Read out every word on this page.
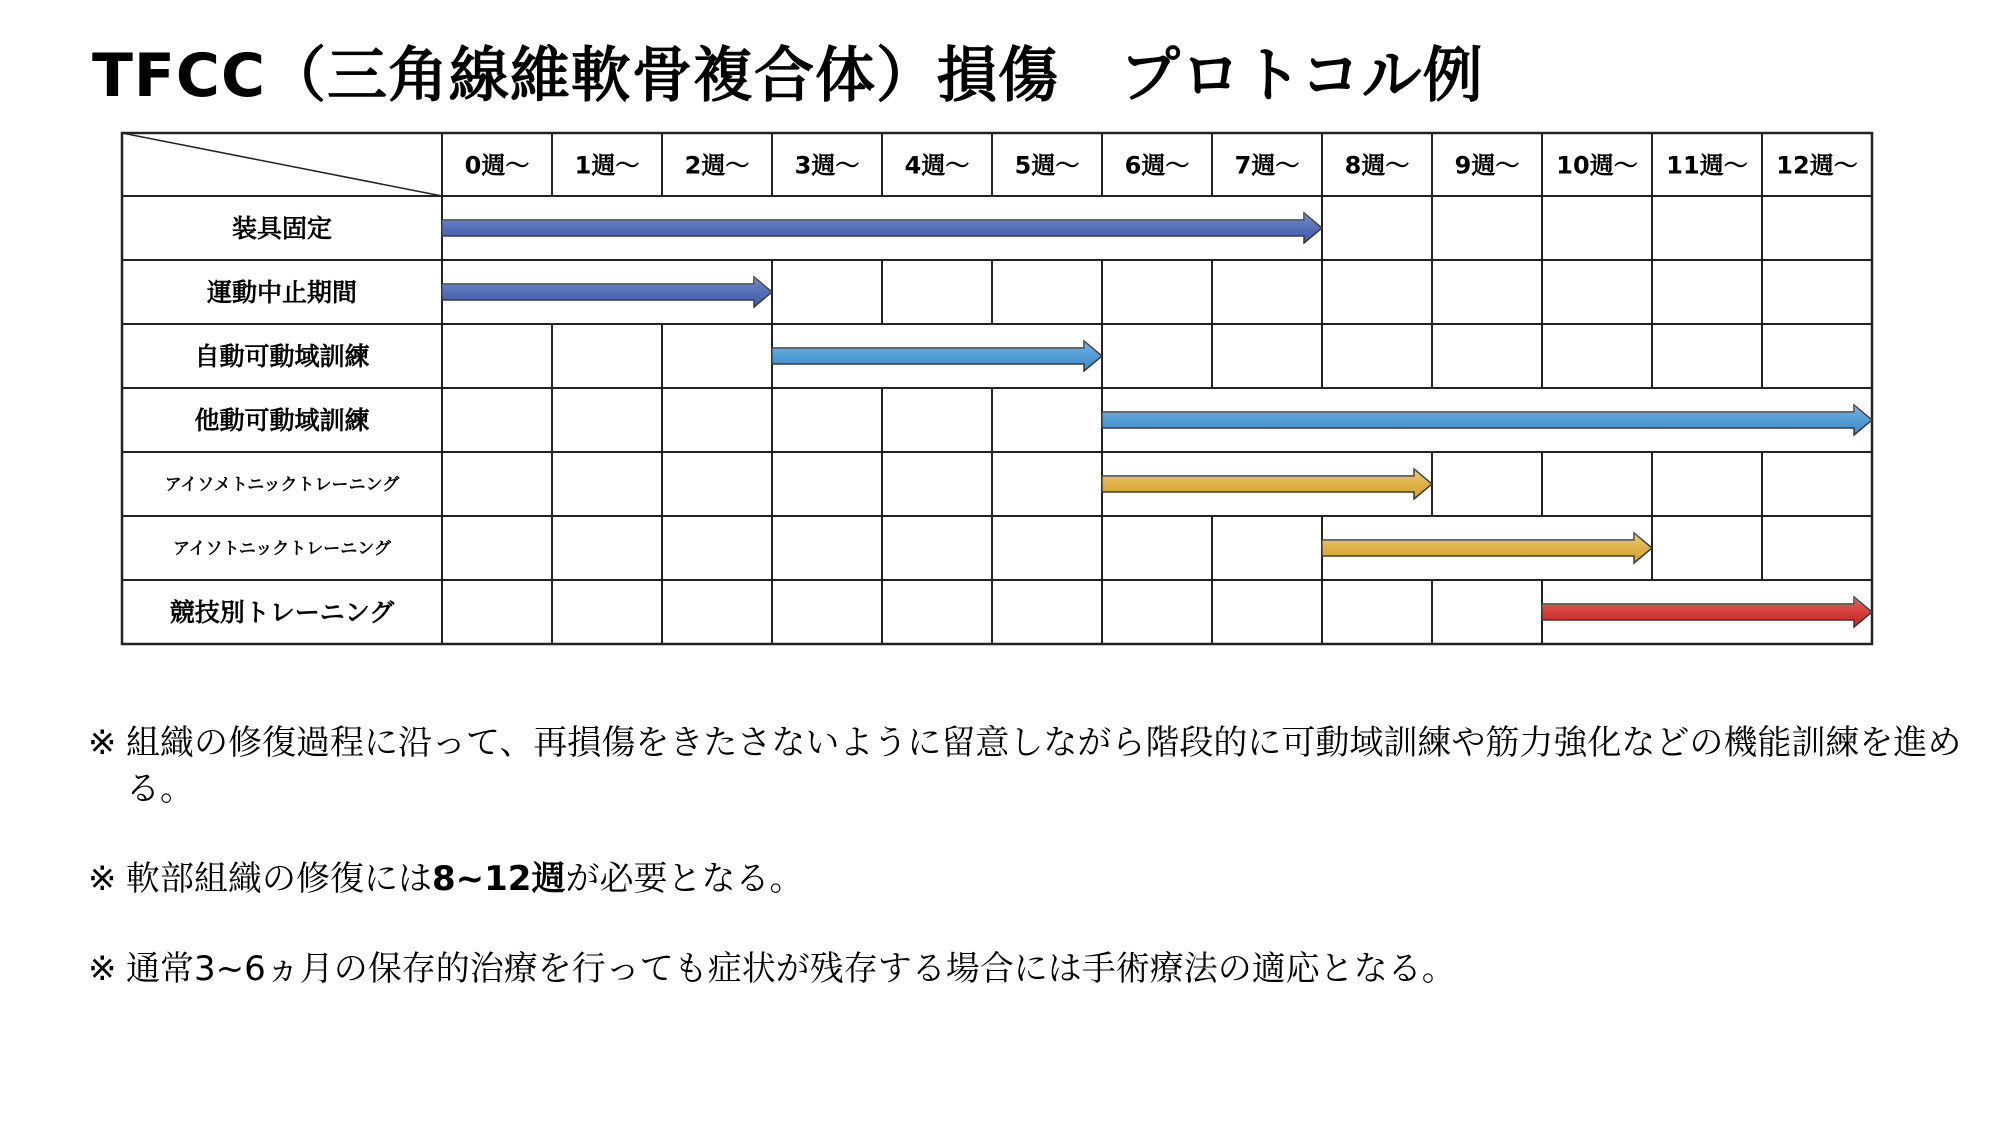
TFCC（三角線維軟骨複合体）損傷　プロトコル例
0週〜 1週〜 2週〜 3週〜 4週〜 5週〜 6週〜 7週〜 8週〜 9週〜 10週〜 11週〜 12週〜
装具固定
運動中止期間
自動可動域訓練
他動可動域訓練
アイソメトニックトレーニング
アイソトニックトレーニング
競技別トレーニング
※ 組織の修復過程に沿って、再損傷をきたさないように留意しながら階段的に可動域訓練や筋力強化などの機能訓練を進める。
※ 軟部組織の修復には8~12週が必要となる。
※ 通常3~6ヵ月の保存的治療を行っても症状が残存する場合には手術療法の適応となる。
